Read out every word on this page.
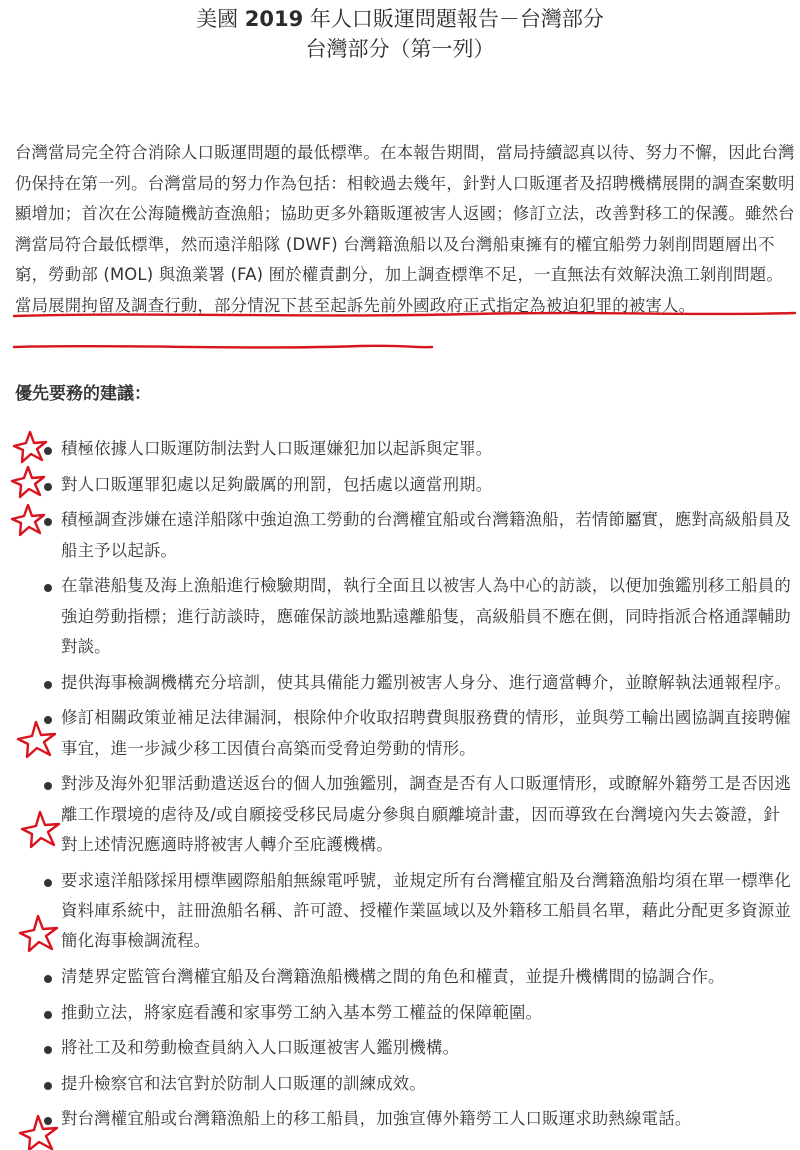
美國 2019 年人口販運問題報告－台灣部分
台灣部分（第一列）

台灣當局完全符合消除人口販運問題的最低標準。在本報告期間，當局持續認真以待、努力不懈，因此台灣仍保持在第一列。台灣當局的努力作為包括：相較過去幾年，針對人口販運者及招聘機構展開的調查案數明顯增加；首次在公海隨機訪查漁船；協助更多外籍販運被害人返國；修訂立法，改善對移工的保護。雖然台灣當局符合最低標準，然而遠洋船隊 (DWF) 台灣籍漁船以及台灣船東擁有的權宜船勞力剝削問題層出不窮，勞動部 (MOL) 與漁業署 (FA) 囿於權責劃分，加上調查標準不足，一直無法有效解決漁工剝削問題。當局展開拘留及調查行動，部分情況下甚至起訴先前外國政府正式指定為被迫犯罪的被害人。

優先要務的建議：
積極依據人口販運防制法對人口販運嫌犯加以起訴與定罪。
對人口販運罪犯處以足夠嚴厲的刑罰，包括處以適當刑期。
積極調查涉嫌在遠洋船隊中強迫漁工勞動的台灣權宜船或台灣籍漁船，若情節屬實，應對高級船員及船主予以起訴。
在靠港船隻及海上漁船進行檢驗期間，執行全面且以被害人為中心的訪談，以便加強鑑別移工船員的強迫勞動指標；進行訪談時，應確保訪談地點遠離船隻，高級船員不應在側，同時指派合格通譯輔助對談。
提供海事檢調機構充分培訓，使其具備能力鑑別被害人身分、進行適當轉介，並瞭解執法通報程序。
修訂相關政策並補足法律漏洞，根除仲介收取招聘費與服務費的情形，並與勞工輸出國協調直接聘僱事宜，進一步減少移工因債台高築而受脅迫勞動的情形。
對涉及海外犯罪活動遣送返台的個人加強鑑別，調查是否有人口販運情形，或瞭解外籍勞工是否因逃離工作環境的虐待及/或自願接受移民局處分參與自願離境計畫，因而導致在台灣境內失去簽證，針對上述情況應適時將被害人轉介至庇護機構。
要求遠洋船隊採用標準國際船舶無線電呼號，並規定所有台灣權宜船及台灣籍漁船均須在單一標準化資料庫系統中，註冊漁船名稱、許可證、授權作業區域以及外籍移工船員名單，藉此分配更多資源並簡化海事檢調流程。
清楚界定監管台灣權宜船及台灣籍漁船機構之間的角色和權責，並提升機構間的協調合作。
推動立法，將家庭看護和家事勞工納入基本勞工權益的保障範圍。
將社工及和勞動檢查員納入人口販運被害人鑑別機構。
提升檢察官和法官對於防制人口販運的訓練成效。
對台灣權宜船或台灣籍漁船上的移工船員，加強宣傳外籍勞工人口販運求助熱線電話。
